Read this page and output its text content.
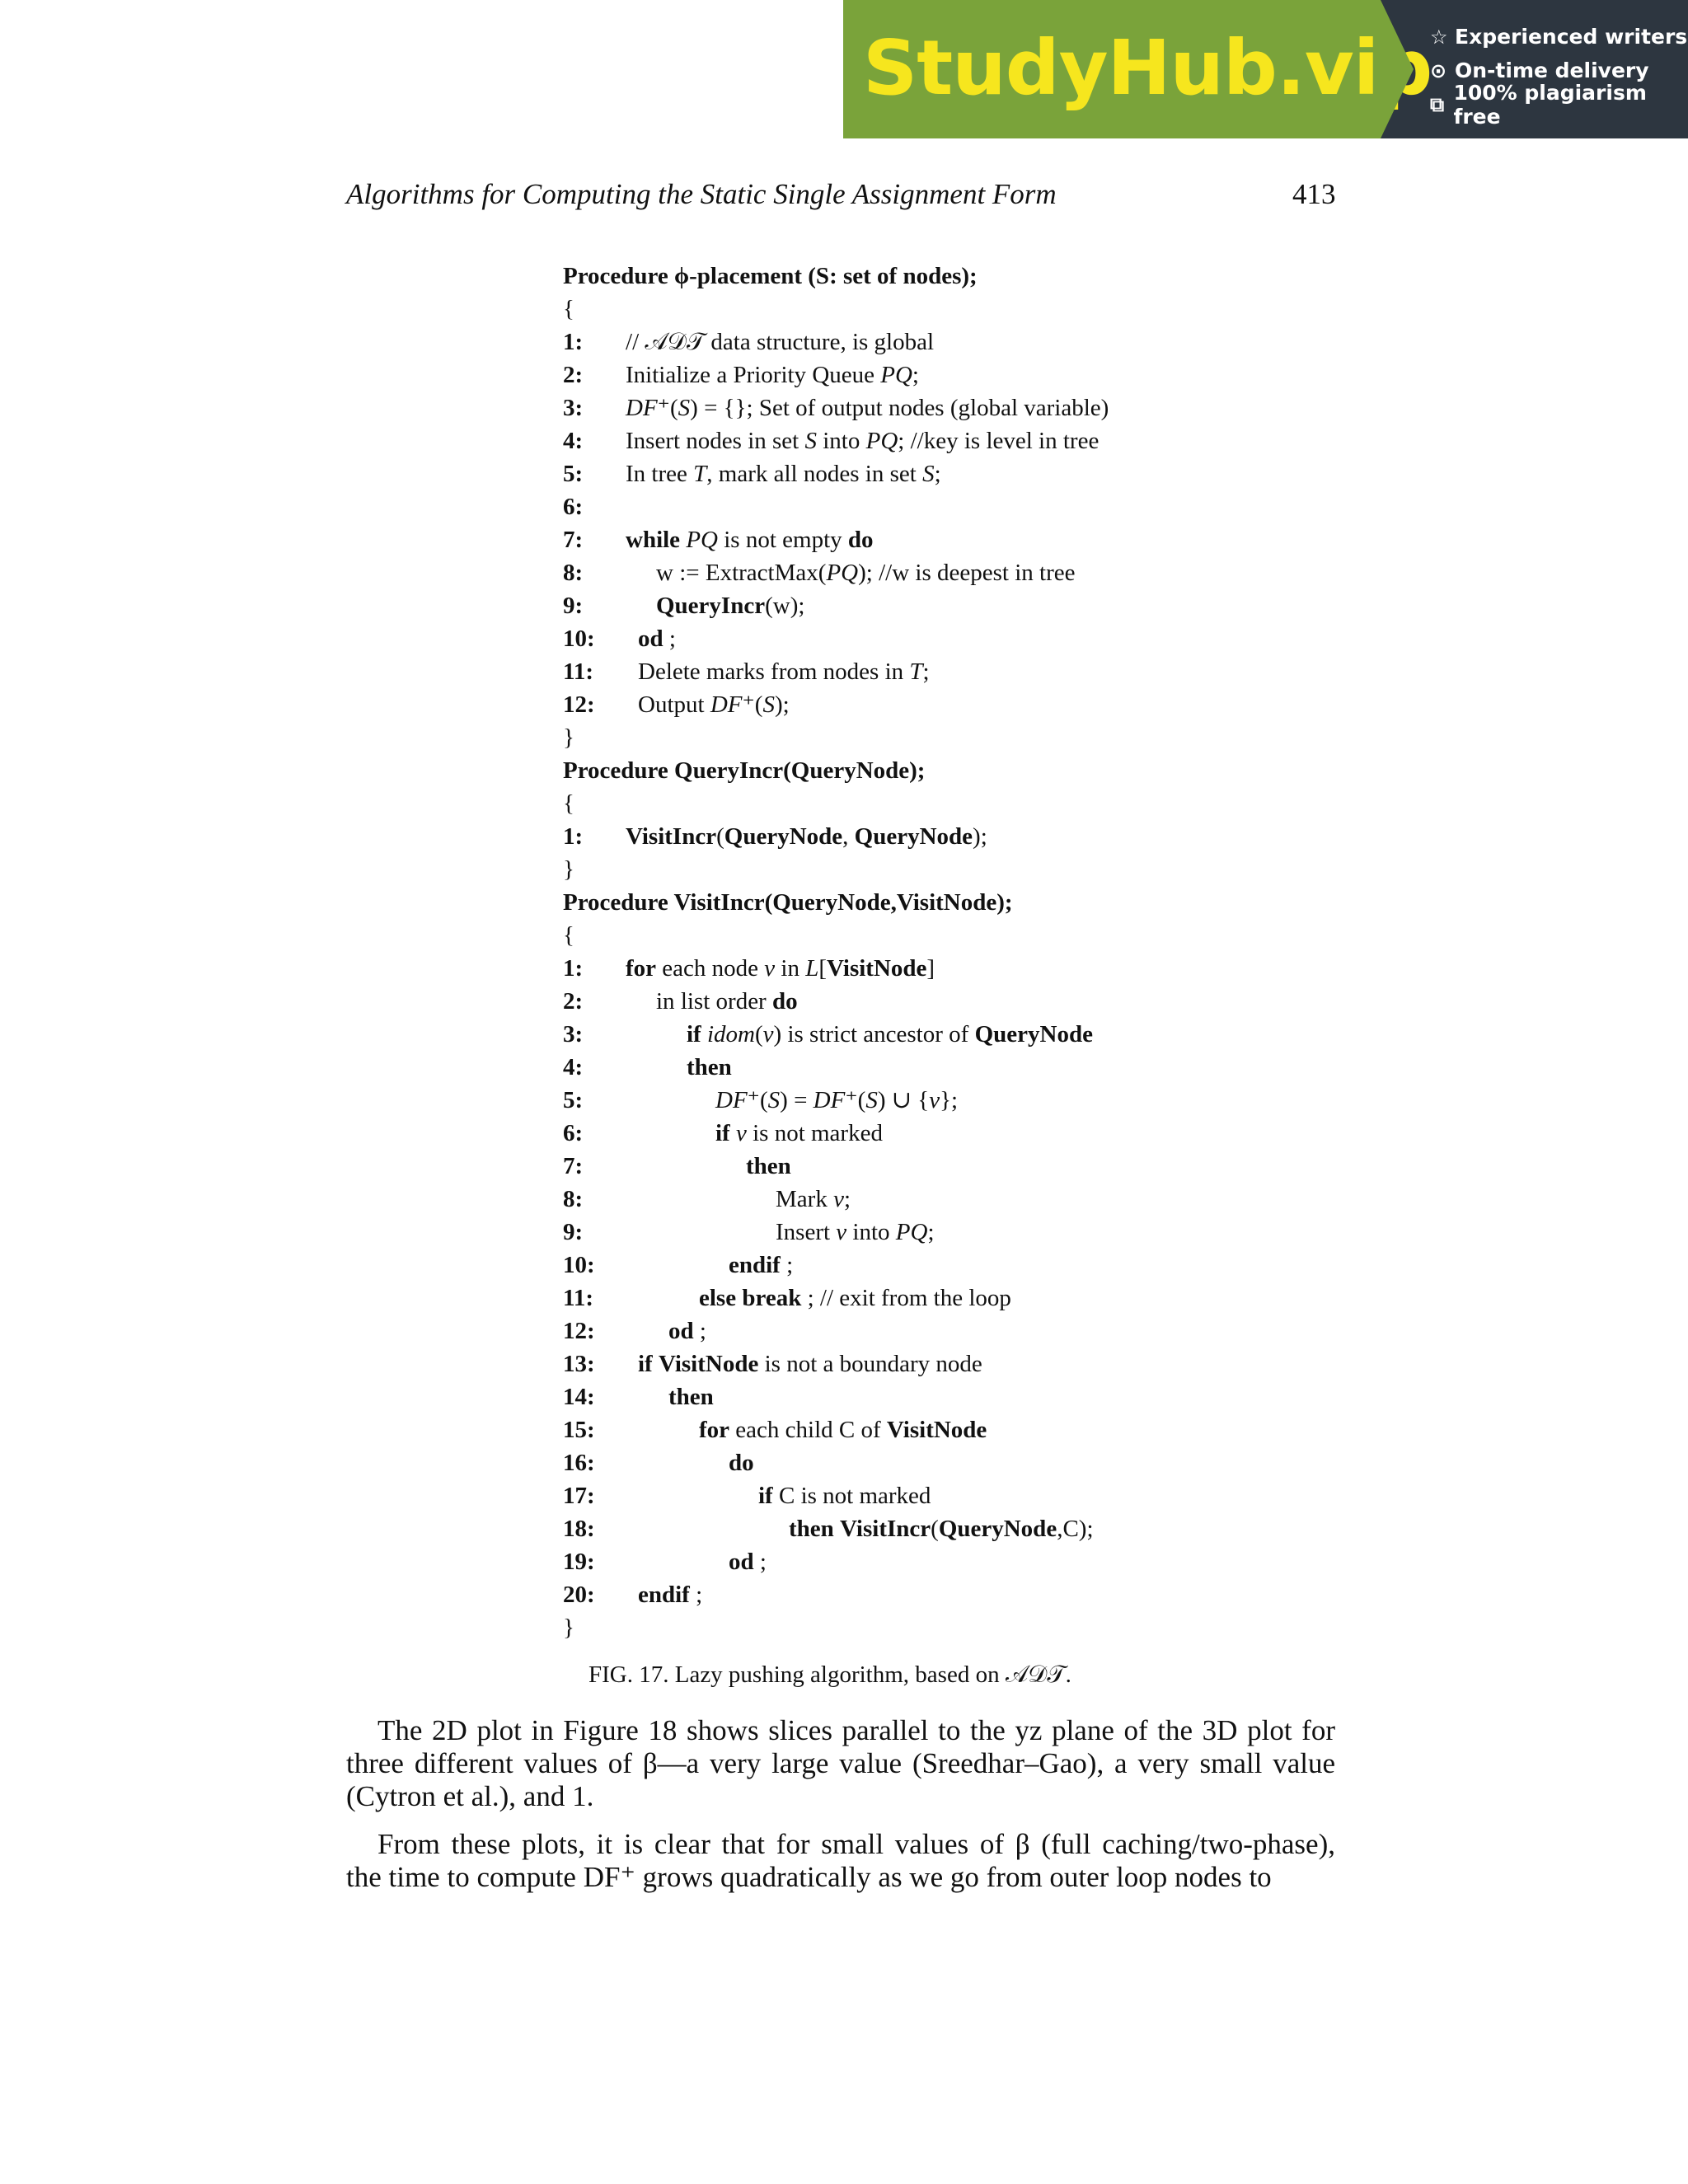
StudyHub.vip
☆ Experienced writers
⊙ On-time delivery
⧉ 100% plagiarism free
Algorithms for Computing the Static Single Assignment Form	413
Procedure ϕ-placement (S: set of nodes);
{
1: // 𝒜𝒟𝒯 data structure, is global
2: Initialize a Priority Queue PQ;
3: DF⁺(S) = {}; Set of output nodes (global variable)
4: Insert nodes in set S into PQ; //key is level in tree
5: In tree T, mark all nodes in set S;
6:
7: while PQ is not empty do
8:	w := ExtractMax(PQ); //w is deepest in tree
9:	QueryIncr(w);
10: od ;
11: Delete marks from nodes in T;
12: Output DF⁺(S);
}
Procedure QueryIncr(QueryNode);
{
1: VisitIncr(QueryNode, QueryNode);
}
Procedure VisitIncr(QueryNode,VisitNode);
{
1: for each node v in L[VisitNode]
2:	in list order do
3:	if idom(v) is strict ancestor of QueryNode
4:	then
5:	DF⁺(S) = DF⁺(S) ∪ {v};
6:	if v is not marked
7:	then
8:	Mark v;
9:	Insert v into PQ;
10:	endif ;
11:	else break ; // exit from the loop
12:	od ;
13: if VisitNode is not a boundary node
14:	then
15:	for each child C of VisitNode
16:	do
17:	if C is not marked
18:	then VisitIncr(QueryNode,C);
19:	od ;
20: endif ;
}
FIG. 17. Lazy pushing algorithm, based on 𝒜𝒟𝒯.
The 2D plot in Figure 18 shows slices parallel to the yz plane of the 3D plot for
three different values of β—a very large value (Sreedhar–Gao), a very small value
(Cytron et al.), and 1.
From these plots, it is clear that for small values of β (full caching/two-phase),
the time to compute DF⁺ grows quadratically as we go from outer loop nodes to
